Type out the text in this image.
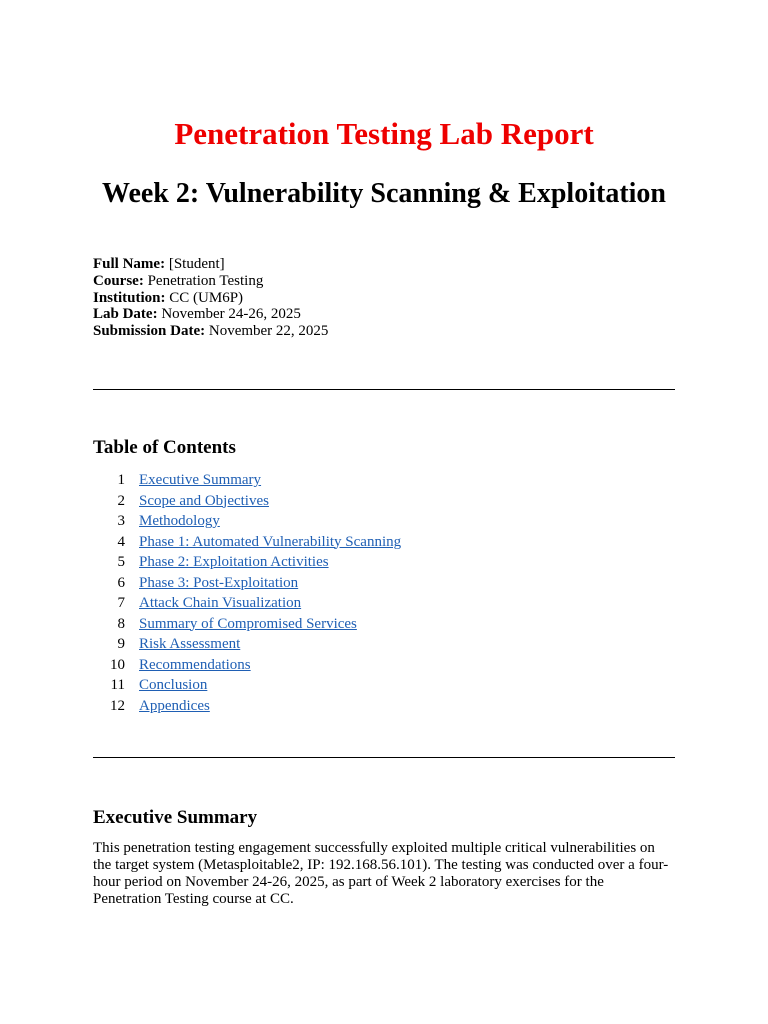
Penetration Testing Lab Report
Week 2: Vulnerability Scanning & Exploitation
Full Name: [Student]
Course: Penetration Testing
Institution: CC (UM6P)
Lab Date: November 24-26, 2025
Submission Date: November 22, 2025
Table of Contents
1 Executive Summary
2 Scope and Objectives
3 Methodology
4 Phase 1: Automated Vulnerability Scanning
5 Phase 2: Exploitation Activities
6 Phase 3: Post-Exploitation
7 Attack Chain Visualization
8 Summary of Compromised Services
9 Risk Assessment
10 Recommendations
11 Conclusion
12 Appendices
Executive Summary

This penetration testing engagement successfully exploited multiple critical vulnerabilities on the target system (Metasploitable2, IP: 192.168.56.101). The testing was conducted over a four-hour period on November 24-26, 2025, as part of Week 2 laboratory exercises for the Penetration Testing course at CC.
